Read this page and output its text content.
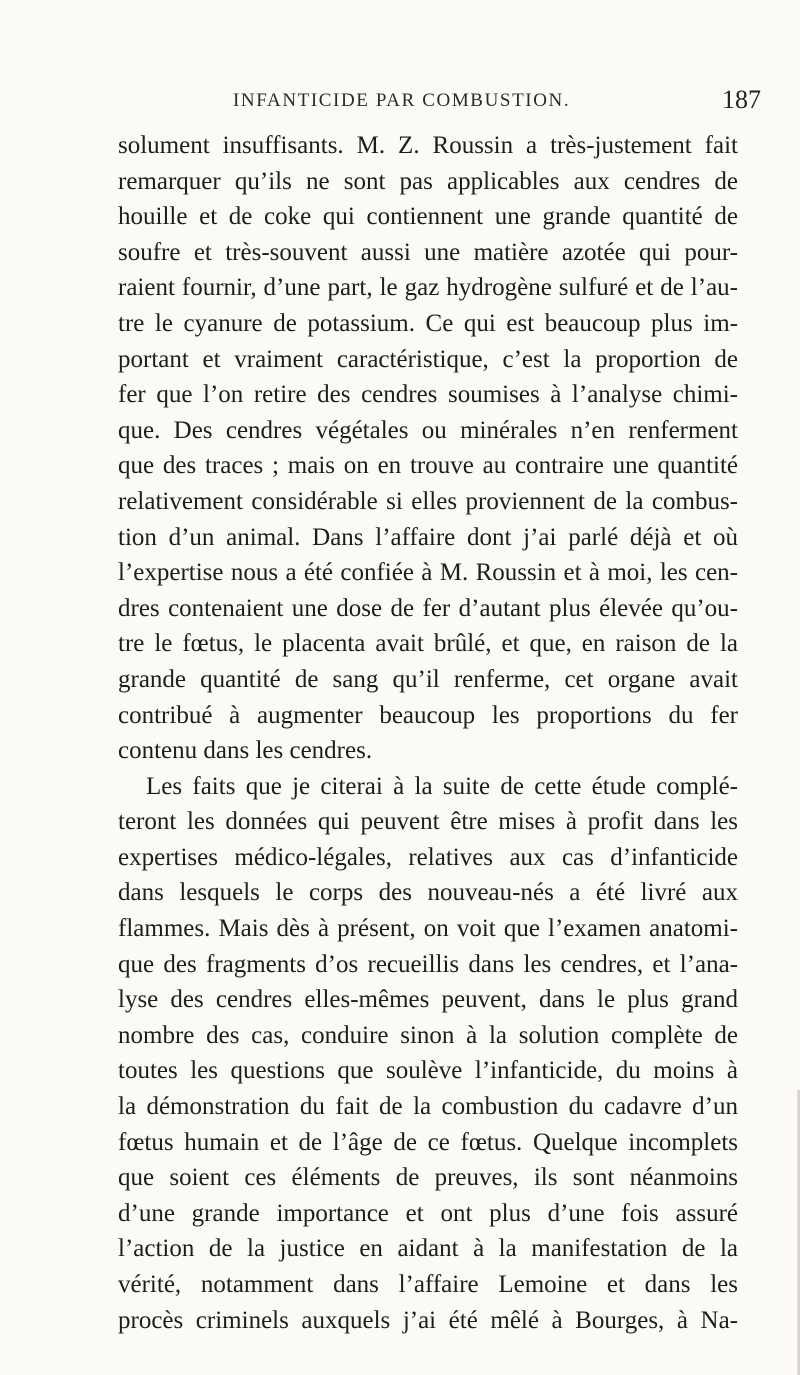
INFANTICIDE PAR COMBUSTION.	187
solument insuffisants. M. Z. Roussin a très-justement fait
remarquer qu’ils ne sont pas applicables aux cendres de
houille et de coke qui contiennent une grande quantité de
soufre et très-souvent aussi une matière azotée qui pour-
raient fournir, d’une part, le gaz hydrogène sulfuré et de l’au-
tre le cyanure de potassium. Ce qui est beaucoup plus im-
portant et vraiment caractéristique, c’est la proportion de
fer que l’on retire des cendres soumises à l’analyse chimi-
que. Des cendres végétales ou minérales n’en renferment
que des traces ; mais on en trouve au contraire une quantité
relativement considérable si elles proviennent de la combus-
tion d’un animal. Dans l’affaire dont j’ai parlé déjà et où
l’expertise nous a été confiée à M. Roussin et à moi, les cen-
dres contenaient une dose de fer d’autant plus élevée qu’ou-
tre le fœtus, le placenta avait brûlé, et que, en raison de la
grande quantité de sang qu’il renferme, cet organe avait
contribué à augmenter beaucoup les proportions du fer
contenu dans les cendres.
Les faits que je citerai à la suite de cette étude complé-
teront les données qui peuvent être mises à profit dans les
expertises médico-légales, relatives aux cas d’infanticide
dans lesquels le corps des nouveau-nés a été livré aux
flammes. Mais dès à présent, on voit que l’examen anatomi-
que des fragments d’os recueillis dans les cendres, et l’ana-
lyse des cendres elles-mêmes peuvent, dans le plus grand
nombre des cas, conduire sinon à la solution complète de
toutes les questions que soulève l’infanticide, du moins à
la démonstration du fait de la combustion du cadavre d’un
fœtus humain et de l’âge de ce fœtus. Quelque incomplets
que soient ces éléments de preuves, ils sont néanmoins
d’une grande importance et ont plus d’une fois assuré
l’action de la justice en aidant à la manifestation de la
vérité, notamment dans l’affaire Lemoine et dans les
procès criminels auxquels j’ai été mêlé à Bourges, à Na-
